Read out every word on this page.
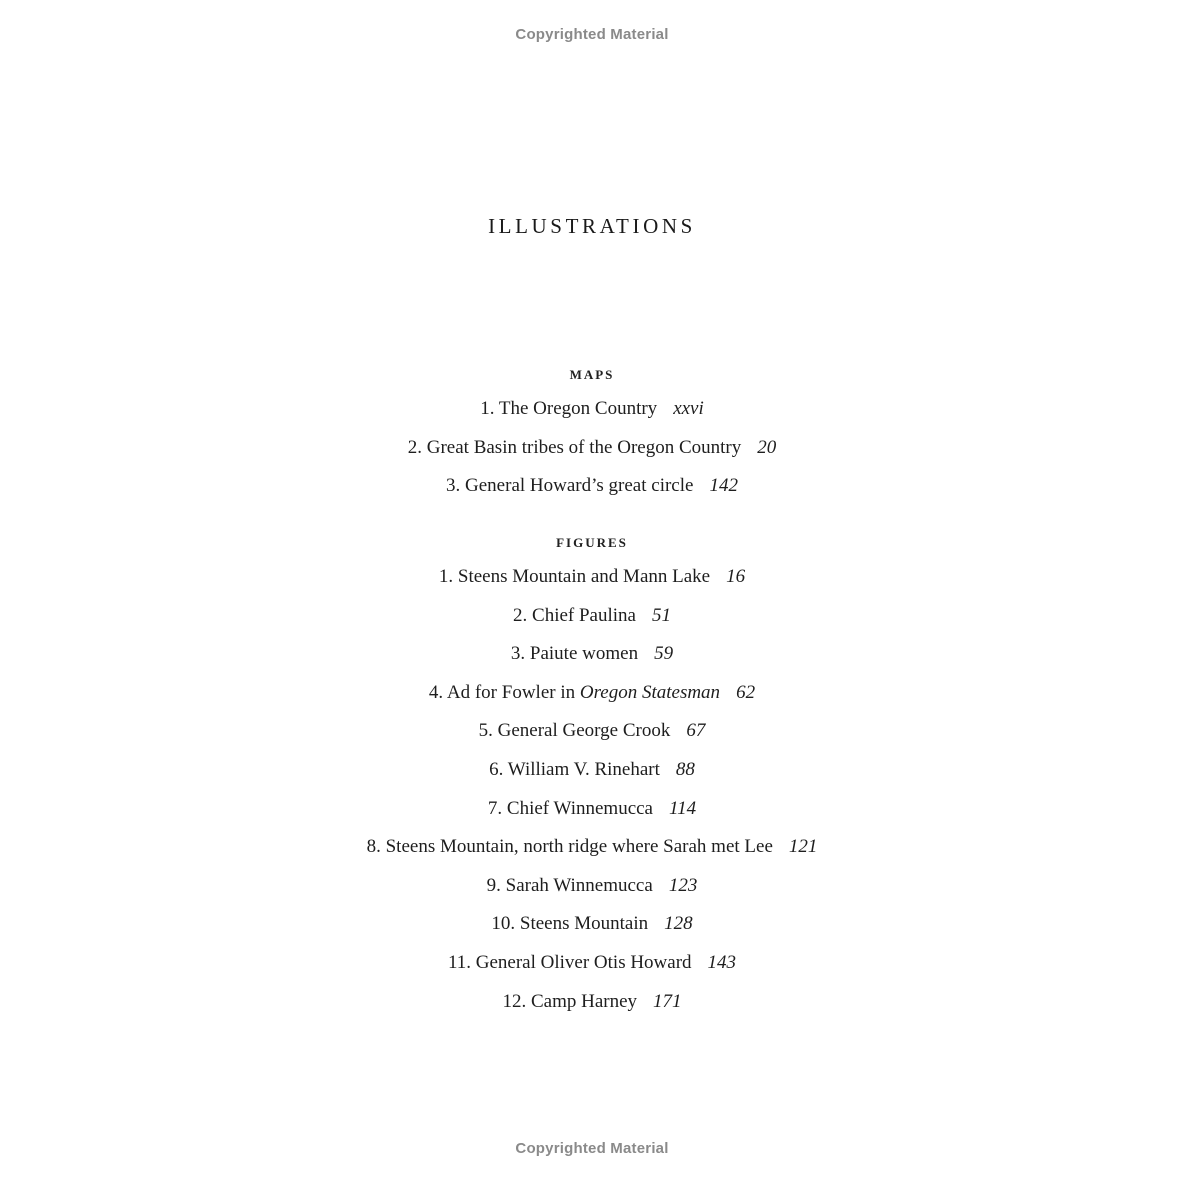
Copyrighted Material
ILLUSTRATIONS
MAPS
1. The Oregon Country xxvi
2. Great Basin tribes of the Oregon Country 20
3. General Howard’s great circle 142
FIGURES
1. Steens Mountain and Mann Lake 16
2. Chief Paulina 51
3. Paiute women 59
4. Ad for Fowler in Oregon Statesman 62
5. General George Crook 67
6. William V. Rinehart 88
7. Chief Winnemucca 114
8. Steens Mountain, north ridge where Sarah met Lee 121
9. Sarah Winnemucca 123
10. Steens Mountain 128
11. General Oliver Otis Howard 143
12. Camp Harney 171
Copyrighted Material
